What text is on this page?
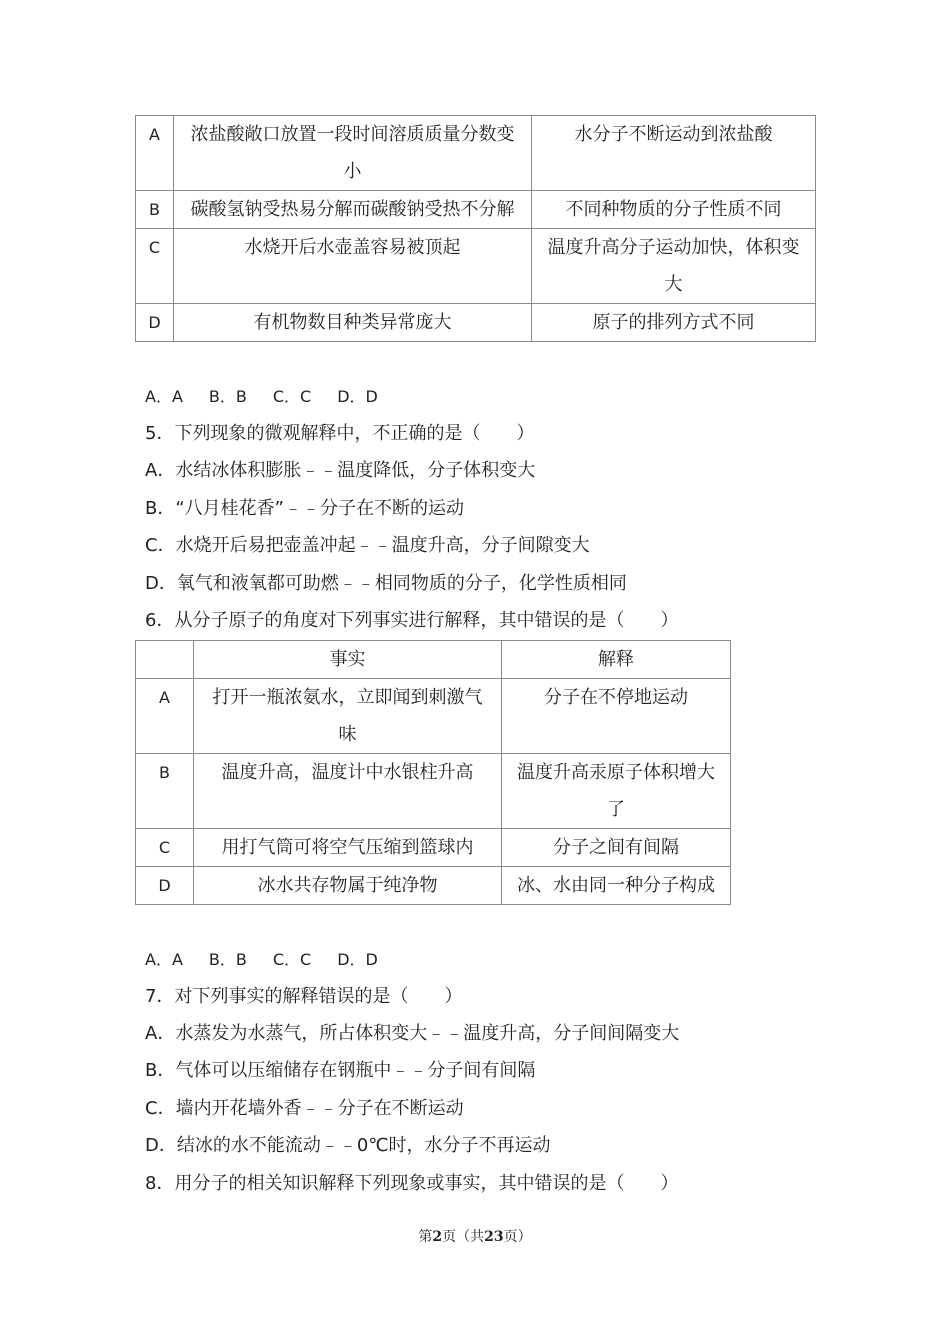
A	浓盐酸敞口放置一段时间溶质质量分数变小	水分子不断运动到浓盐酸
B	碳酸氢钠受热易分解而碳酸钠受热不分解	不同种物质的分子性质不同
C	水烧开后水壶盖容易被顶起	温度升高分子运动加快，体积变大
D	有机物数目种类异常庞大	原子的排列方式不同
A．A B．B C．C D．D
5．下列现象的微观解释中，不正确的是（　　）
A．水结冰体积膨胀﹣﹣温度降低，分子体积变大
B．“八月桂花香”﹣﹣分子在不断的运动
C．水烧开后易把壶盖冲起﹣﹣温度升高，分子间隙变大
D．氧气和液氧都可助燃﹣﹣相同物质的分子，化学性质相同
6．从分子原子的角度对下列事实进行解释，其中错误的是（　　）
	事实	解释
A	打开一瓶浓氨水，立即闻到刺激气味	分子在不停地运动
B	温度升高，温度计中水银柱升高	温度升高汞原子体积增大了
C	用打气筒可将空气压缩到篮球内	分子之间有间隔
D	冰水共存物属于纯净物	冰、水由同一种分子构成
A．A B．B C．C D．D
7．对下列事实的解释错误的是（　　）
A．水蒸发为水蒸气，所占体积变大﹣﹣温度升高，分子间间隔变大
B．气体可以压缩储存在钢瓶中﹣﹣分子间有间隔
C．墙内开花墙外香﹣﹣分子在不断运动
D．结冰的水不能流动﹣﹣0℃时，水分子不再运动
8．用分子的相关知识解释下列现象或事实，其中错误的是（　　）
第2页（共23页）
